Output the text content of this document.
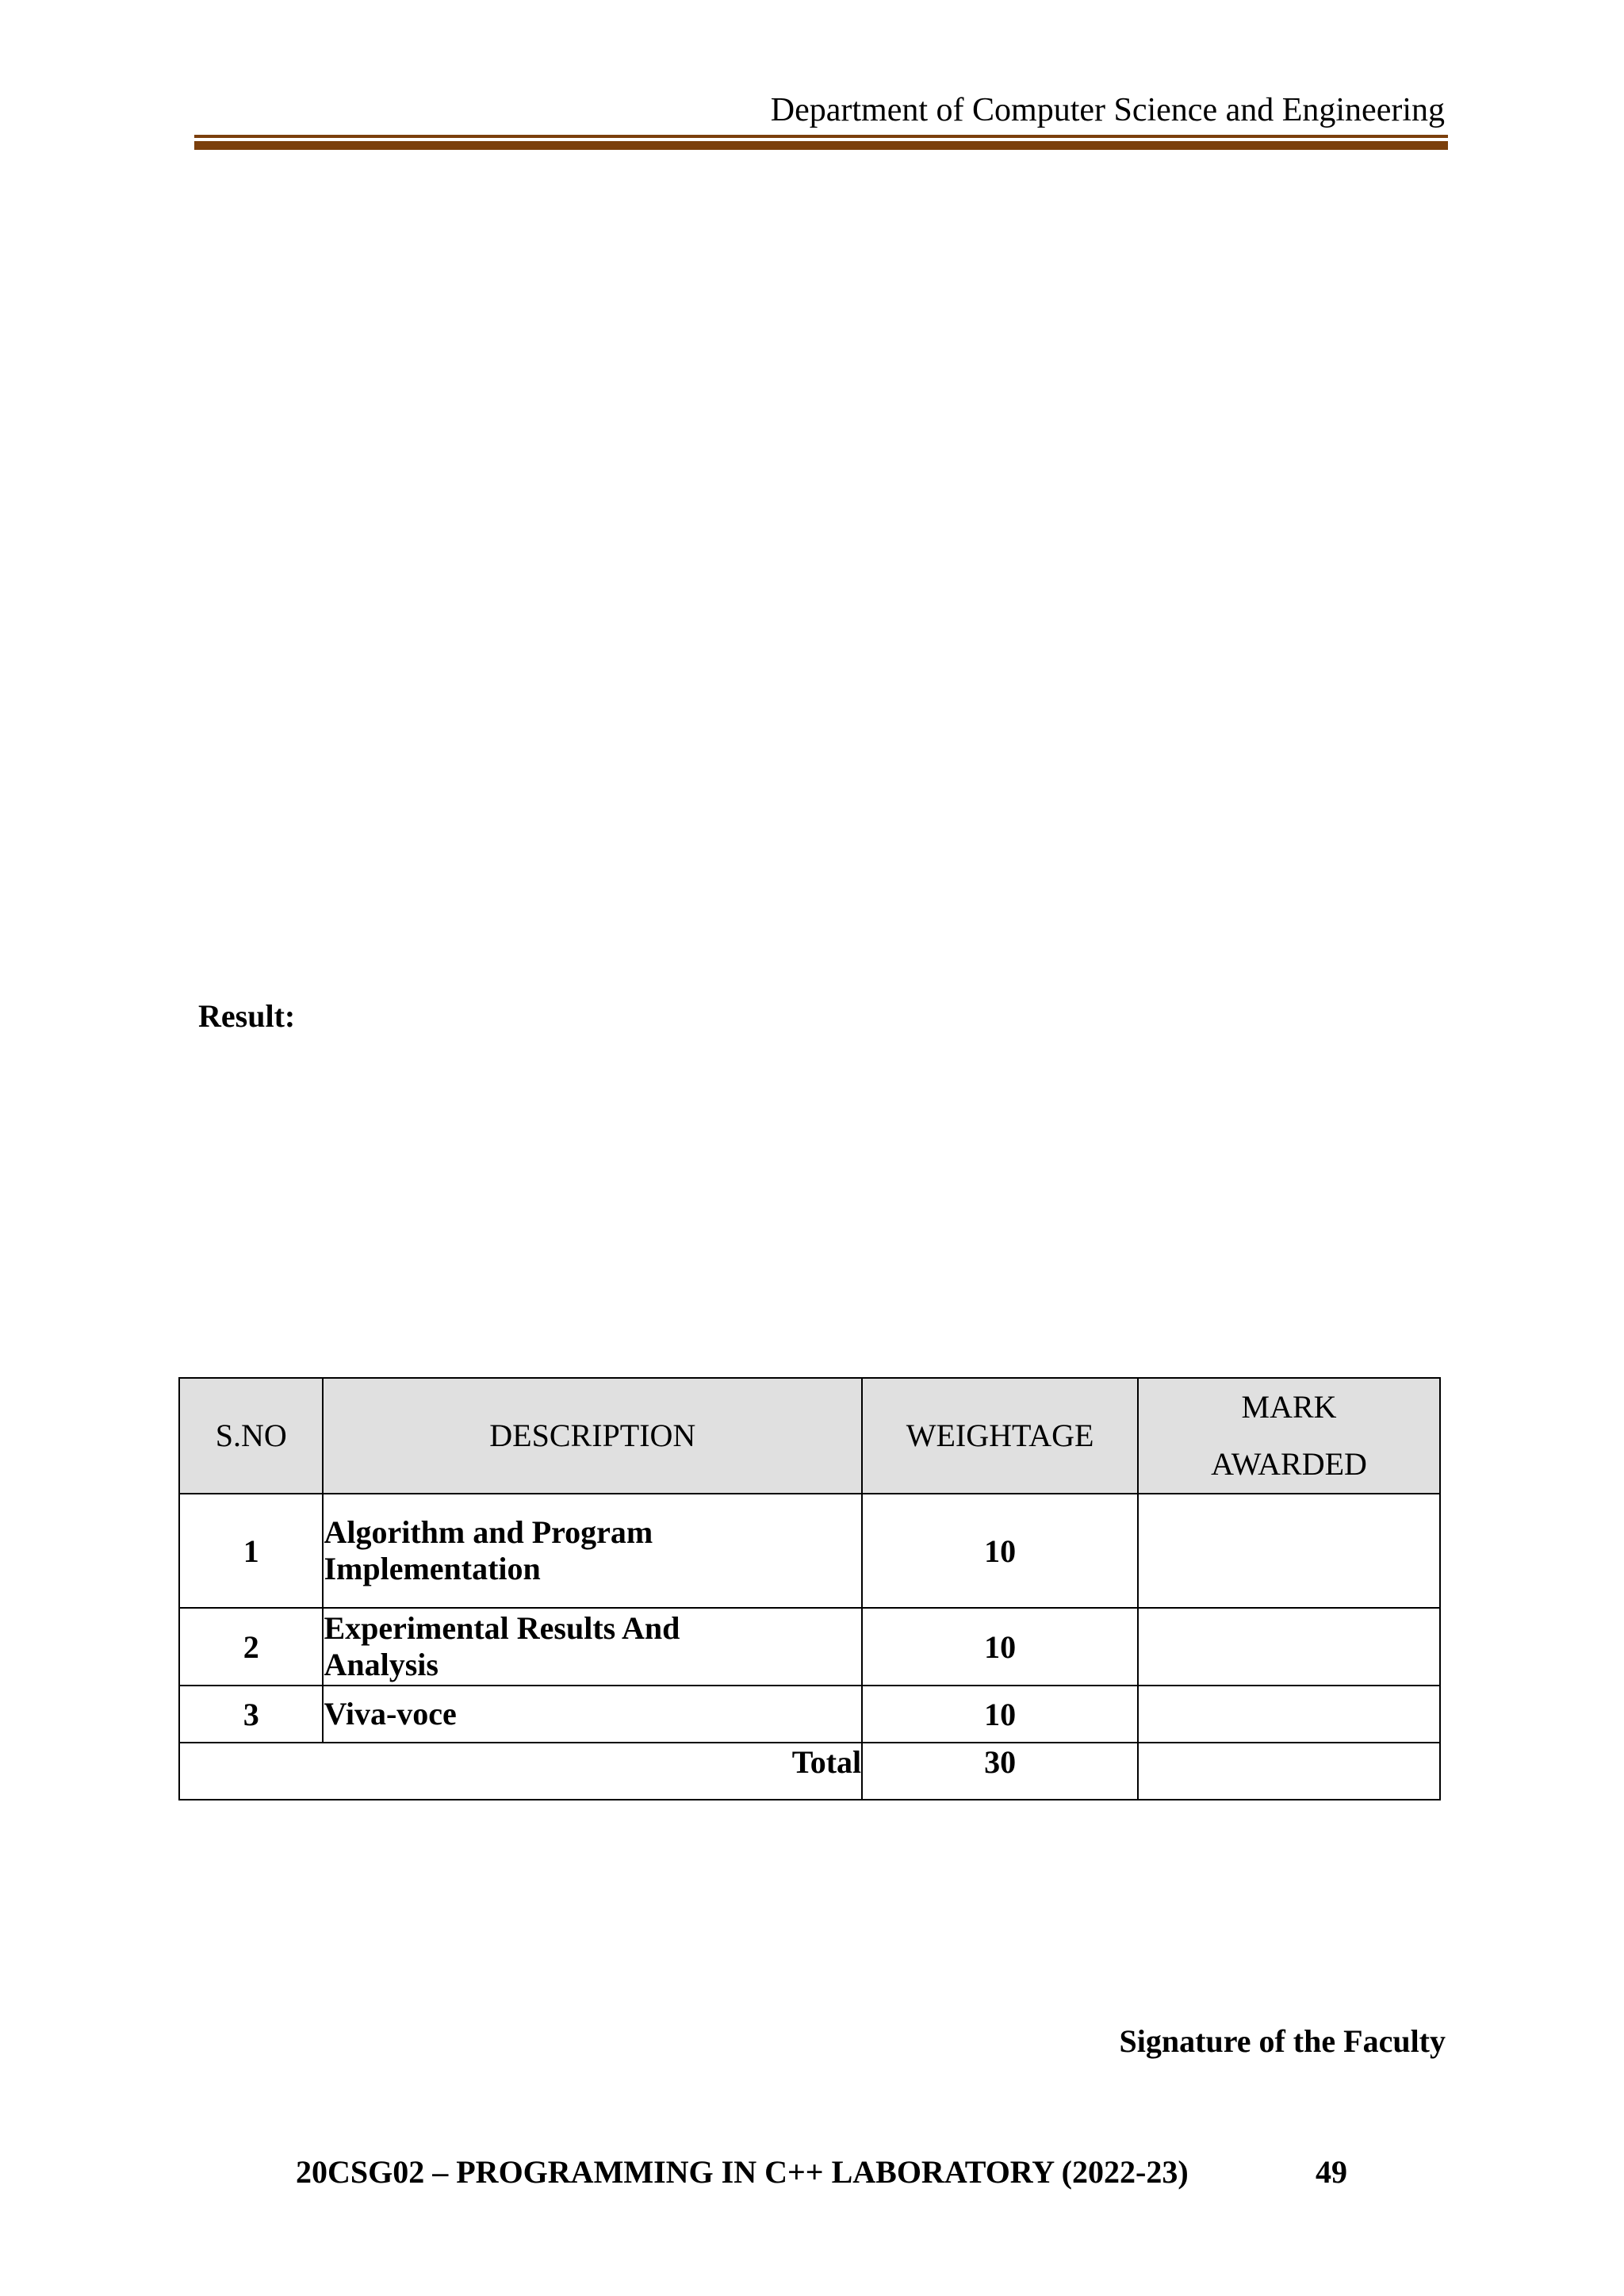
Department of Computer Science and Engineering
Result:
S.NO	DESCRIPTION	WEIGHTAGE	MARK
AWARDED
1	Algorithm and Program
Implementation	10	
2	Experimental Results And
Analysis	10	
3	Viva-voce	10	
Total		30	
Signature of the Faculty
20CSG02 – PROGRAMMING IN C++ LABORATORY (2022-23)	49
